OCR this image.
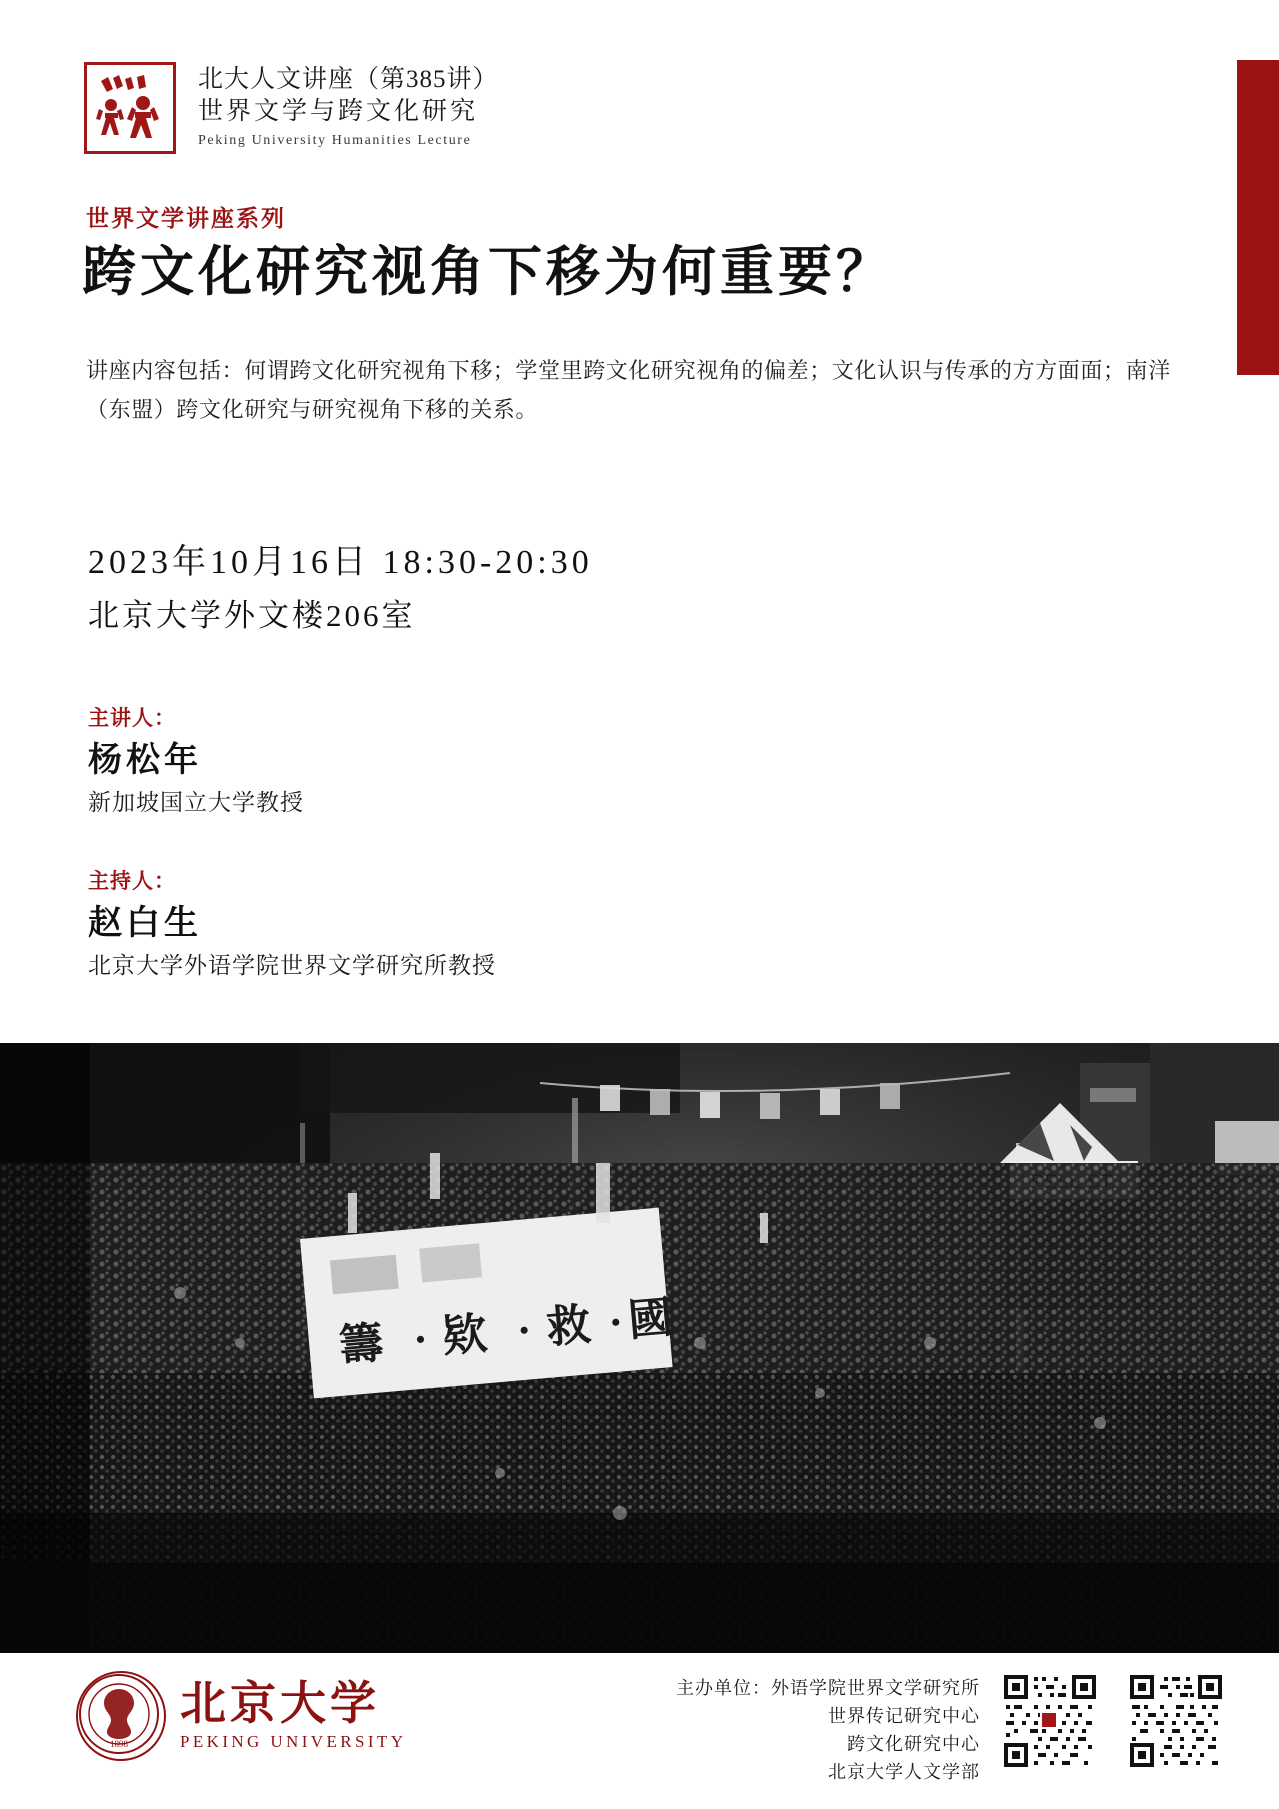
北大人文讲座（第385讲）
世界文学与跨文化研究
Peking University Humanities Lecture
世界文学讲座系列
跨文化研究视角下移为何重要？
讲座内容包括：何谓跨文化研究视角下移；学堂里跨文化研究视角的偏差；文化认识与传承的方方面面；南洋（东盟）跨文化研究与研究视角下移的关系。
2023年10月16日 18:30-20:30
北京大学外文楼206室
主讲人：
杨松年
新加坡国立大学教授
主持人：
赵白生
北京大学外语学院世界文学研究所教授
籌 · 欵 · 救 · 國
1898
北京大学
PEKING UNIVERSITY
主办单位：外语学院世界文学研究所
世界传记研究中心
跨文化研究中心
北京大学人文学部
